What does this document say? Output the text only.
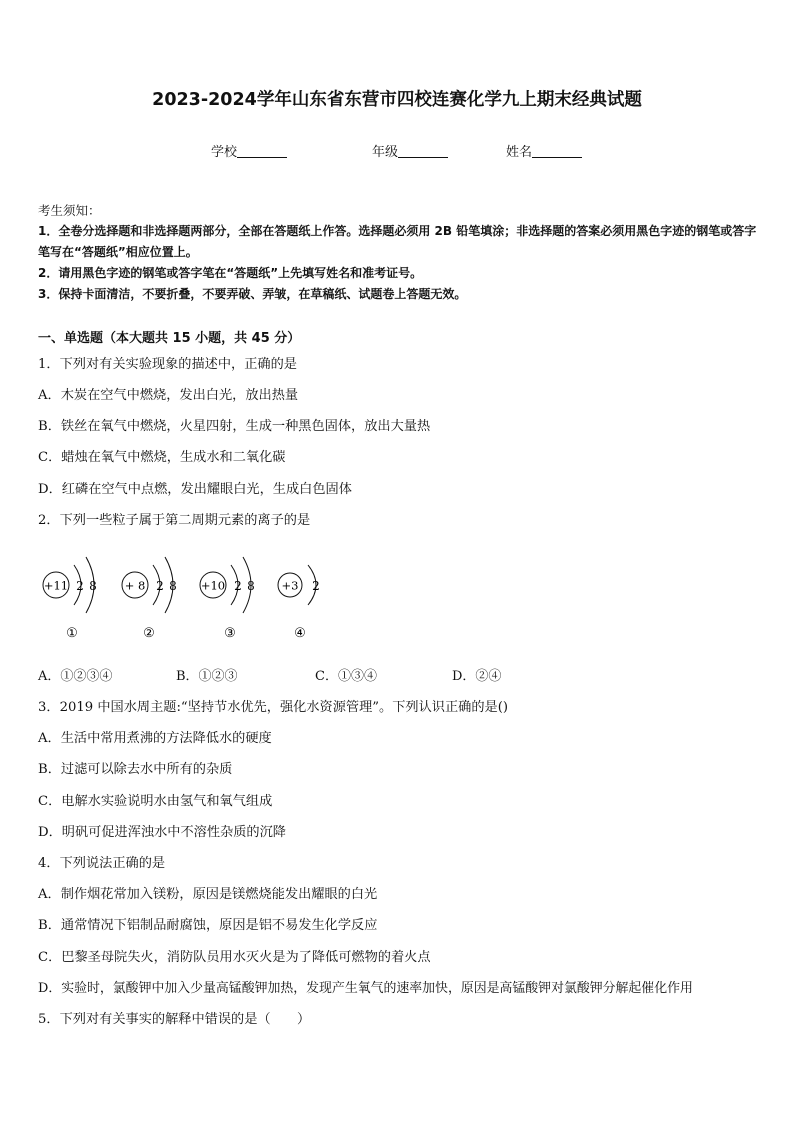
2023-2024学年山东省东营市四校连赛化学九上期末经典试题
学校	年级	姓名
考生须知：
1．全卷分选择题和非选择题两部分，全部在答题纸上作答。选择题必须用 2B 铅笔填涂；非选择题的答案必须用黑色字迹的钢笔或答字笔写在“答题纸”相应位置上。
2．请用黑色字迹的钢笔或答字笔在“答题纸”上先填写姓名和准考证号。
3．保持卡面清洁，不要折叠，不要弄破、弄皱，在草稿纸、试题卷上答题无效。
一、单选题（本大题共 15 小题，共 45 分）
1．下列对有关实验现象的描述中，正确的是
A．木炭在空气中燃烧，发出白光，放出热量
B．铁丝在氧气中燃烧，火星四射，生成一种黑色固体，放出大量热
C．蜡烛在氧气中燃烧，生成水和二氧化碳
D．红磷在空气中点燃，发出耀眼白光，生成白色固体
2．下列一些粒子属于第二周期元素的离子的是
+11 2 8
①
+ 8 2 8
②
+10 2 8
③
+3 2
④
A．①②③④	B．①②③	C．①③④	D．②④
3．2019 中国水周主题:“坚持节水优先，强化水资源管理”。下列认识正确的是()
A．生活中常用煮沸的方法降低水的硬度
B．过滤可以除去水中所有的杂质
C．电解水实验说明水由氢气和氧气组成
D．明矾可促进浑浊水中不溶性杂质的沉降
4．下列说法正确的是
A．制作烟花常加入镁粉，原因是镁燃烧能发出耀眼的白光
B．通常情况下铝制品耐腐蚀，原因是铝不易发生化学反应
C．巴黎圣母院失火，消防队员用水灭火是为了降低可燃物的着火点
D．实验时，氯酸钾中加入少量高锰酸钾加热，发现产生氧气的速率加快，原因是高锰酸钾对氯酸钾分解起催化作用
5．下列对有关事实的解释中错误的是（　　）
